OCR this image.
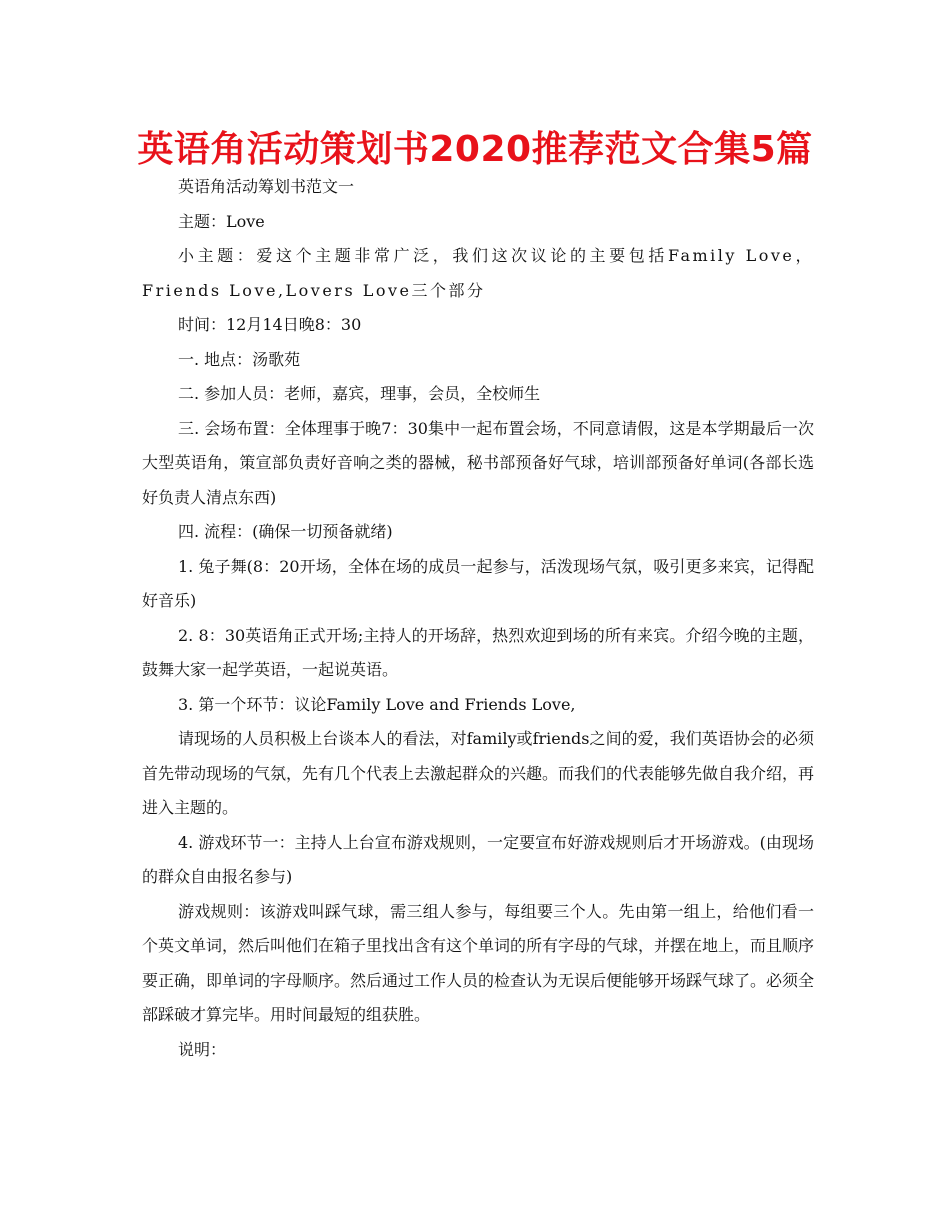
英语角活动策划书2020推荐范文合集5篇

英语角活动筹划书范文一

主题：Love

小主题：爱这个主题非常广泛，我们这次议论的主要包括Family Love，Friends Love,Lovers Love三个部分

时间：12月14日晚8：30

一. 地点：汤歌苑

二. 参加人员：老师，嘉宾，理事，会员，全校师生

三. 会场布置：全体理事于晚7：30集中一起布置会场，不同意请假，这是本学期最后一次大型英语角，策宣部负责好音响之类的器械，秘书部预备好气球，培训部预备好单词(各部长选好负责人清点东西)

四. 流程：(确保一切预备就绪)

1. 兔子舞(8：20开场，全体在场的成员一起参与，活泼现场气氛，吸引更多来宾，记得配好音乐)

2. 8：30英语角正式开场;主持人的开场辞，热烈欢迎到场的所有来宾。介绍今晚的主题，鼓舞大家一起学英语，一起说英语。

3. 第一个环节：议论Family Love and Friends Love,

请现场的人员积极上台谈本人的看法，对family或friends之间的爱，我们英语协会的必须首先带动现场的气氛，先有几个代表上去激起群众的兴趣。而我们的代表能够先做自我介绍，再进入主题的。

4. 游戏环节一：主持人上台宣布游戏规则，一定要宣布好游戏规则后才开场游戏。(由现场的群众自由报名参与)

游戏规则：该游戏叫踩气球，需三组人参与，每组要三个人。先由第一组上，给他们看一个英文单词，然后叫他们在箱子里找出含有这个单词的所有字母的气球，并摆在地上，而且顺序要正确，即单词的字母顺序。然后通过工作人员的检查认为无误后便能够开场踩气球了。必须全部踩破才算完毕。用时间最短的组获胜。

说明：
